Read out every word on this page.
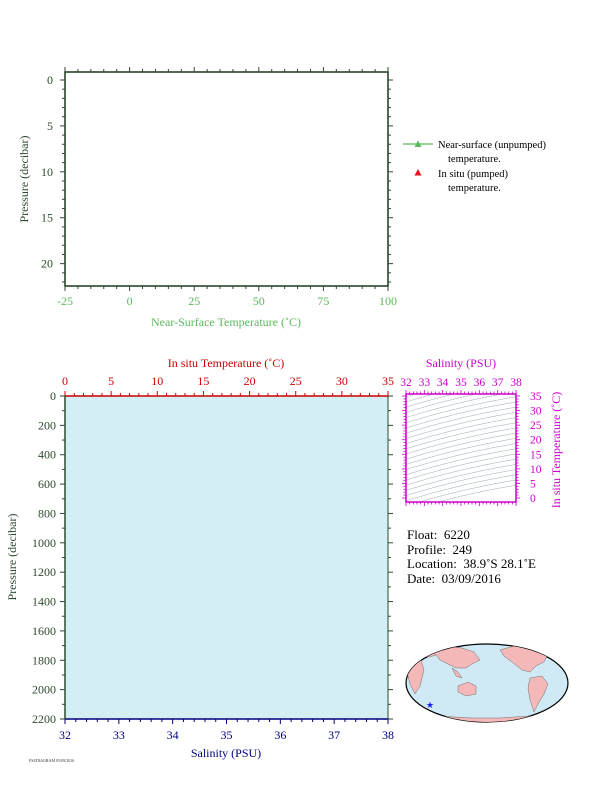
-25	0	25	50	75	100
0
5
10
15
20
Near-Surface Temperature (˚C)
Pressure (decibar)	Near-surface (unpumped)
temperature.
In situ (pumped)
temperature.
0	5	10	15	20	25	30	35
32	33	34	35	36	37	38
0
200
400
600
800
1000
1200
1400
1600
1800
2000
2200
In situ Temperature (˚C)
Salinity (PSU)
Pressure (decibar)
32 33 34 35 36 37 38
0
5
10
15
20
25
30
35
Salinity (PSU)
In situ Temperature (˚C)
★
Float: 6220
Profile: 249
Location: 38.9˚S 28.1˚E
Date: 03/09/2016
FSI/DIAGRAM 05/09/2016
